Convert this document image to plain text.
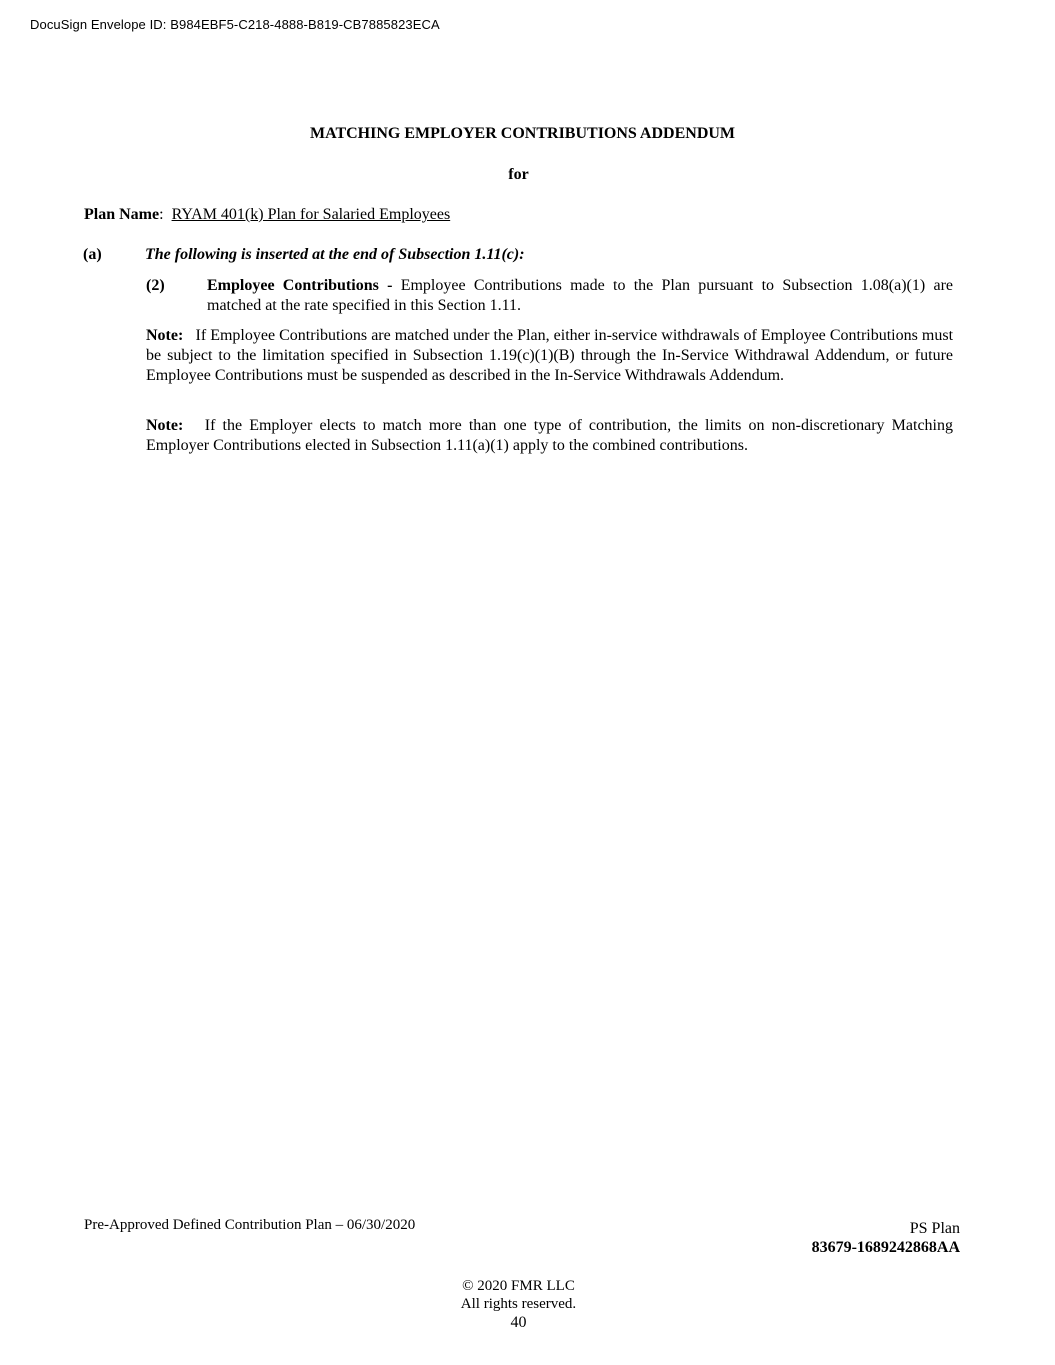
DocuSign Envelope ID: B984EBF5-C218-4888-B819-CB7885823ECA
MATCHING EMPLOYER CONTRIBUTIONS ADDENDUM
for
Plan Name:  RYAM 401(k) Plan for Salaried Employees
(a)	The following is inserted at the end of Subsection 1.11(c):
(2)	Employee Contributions - Employee Contributions made to the Plan pursuant to Subsection 1.08(a)(1) are matched at the rate specified in this Section 1.11.
Note: If Employee Contributions are matched under the Plan, either in-service withdrawals of Employee Contributions must be subject to the limitation specified in Subsection 1.19(c)(1)(B) through the In-Service Withdrawal Addendum, or future Employee Contributions must be suspended as described in the In-Service Withdrawals Addendum.
Note: If the Employer elects to match more than one type of contribution, the limits on non-discretionary Matching Employer Contributions elected in Subsection 1.11(a)(1) apply to the combined contributions.
Pre-Approved Defined Contribution Plan – 06/30/2020	PS Plan
83679-1689242868AA
© 2020 FMR LLC
All rights reserved.
40
